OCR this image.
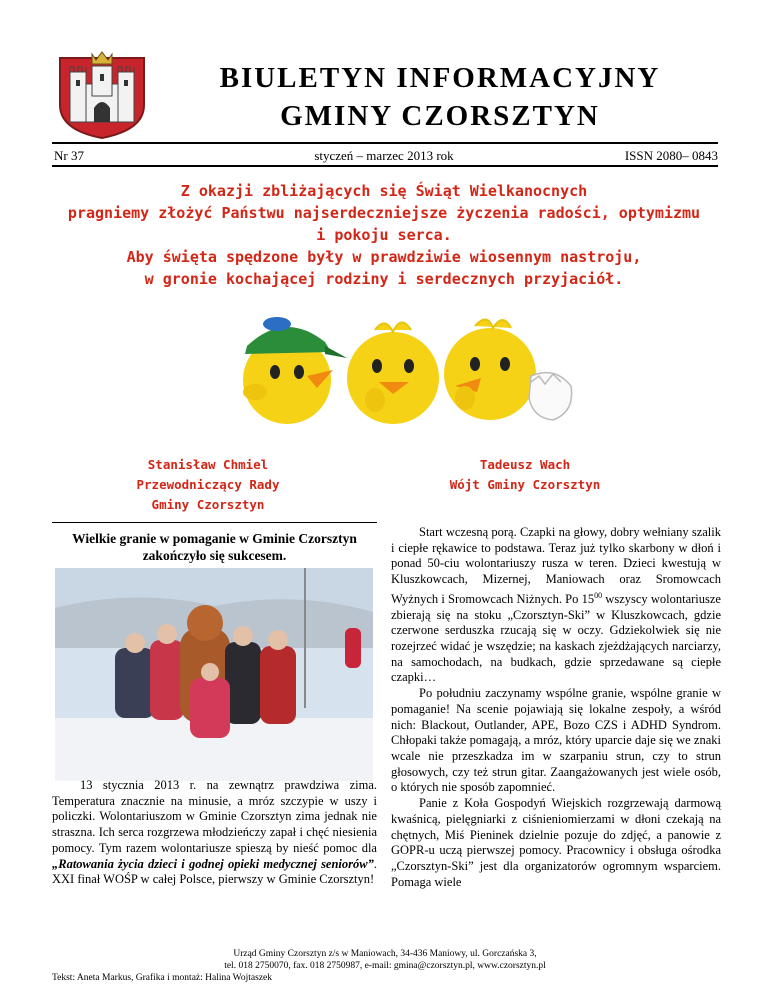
BIULETYN INFORMACYJNY
GMINY CZORSZTYN
Nr 37	styczeń – marzec 2013 rok	ISSN 2080– 0843
Z okazji zbliżających się Świąt Wielkanocnych
pragniemy złożyć Państwu najserdeczniejsze życzenia radości, optymizmu
i pokoju serca.
Aby święta spędzone były w prawdziwie wiosennym nastroju,
w gronie kochającej rodziny i serdecznych przyjaciół.
Stanisław Chmiel
Przewodniczący Rady
Gminy Czorsztyn
Tadeusz Wach
Wójt Gminy Czorsztyn
Wielkie granie w pomaganie w Gminie Czorsztyn zakończyło się sukcesem.

13 stycznia 2013 r. na zewnątrz prawdziwa zima. Temperatura znacznie na minusie, a mróz szczypie w uszy i policzki. Wolontariuszom w Gminie Czorsztyn zima jednak nie straszna. Ich serca rozgrzewa młodzieńczy zapał i chęć niesienia pomocy. Tym razem wolontariusze spieszą by nieść pomoc dla „Ratowania życia dzieci i godnej opieki medycznej seniorów”. XXI finał WOŚP w całej Polsce, pierwszy w Gminie Czorsztyn!

Start wczesną porą. Czapki na głowy, dobry wełniany szalik i ciepłe rękawice to podstawa. Teraz już tylko skarbony w dłoń i ponad 50-ciu wolontariuszy rusza w teren. Dzieci kwestują w Kluszkowcach, Mizernej, Maniowach oraz Sromowcach Wyżnych i Sromowcach Niżnych. Po $15^{00}$ wszyscy wolontariusze zbierają się na stoku „Czorsztyn-Ski” w Kluszkowcach, gdzie czerwone serduszka rzucają się w oczy. Gdziekolwiek się nie rozejrzeć widać je wszędzie; na kaskach zjeżdżających narciarzy, na samochodach, na budkach, gdzie sprzedawane są ciepłe czapki…

Po południu zaczynamy wspólne granie, wspólne granie w pomaganie! Na scenie pojawiają się lokalne zespoły, a wśród nich: Blackout, Outlander, APE, Bozo CZS i ADHD Syndrom. Chłopaki także pomagają, a mróz, który uparcie daje się we znaki wcale nie przeszkadza im w szarpaniu strun, czy to strun głosowych, czy też strun gitar. Zaangażowanych jest wiele osób, o których nie sposób zapomnieć.

Panie z Koła Gospodyń Wiejskich rozgrzewają darmową kwaśnicą, pielęgniarki z ciśnieniomierzami w dłoni czekają na chętnych, Miś Pieninek dzielnie pozuje do zdjęć, a panowie z GOPR-u uczą pierwszej pomocy. Pracownicy i obsługa ośrodka „Czorsztyn-Ski” jest dla organizatorów ogromnym wsparciem. Pomaga wiele

Urząd Gminy Czorsztyn z/s w Maniowach, 34-436 Maniowy, ul. Gorczańska 3,
tel. 018 2750070, fax. 018 2750987, e-mail: gmina@czorsztyn.pl, www.czorsztyn.pl
Tekst: Aneta Markus, Grafika i montaż: Halina Wojtaszek
